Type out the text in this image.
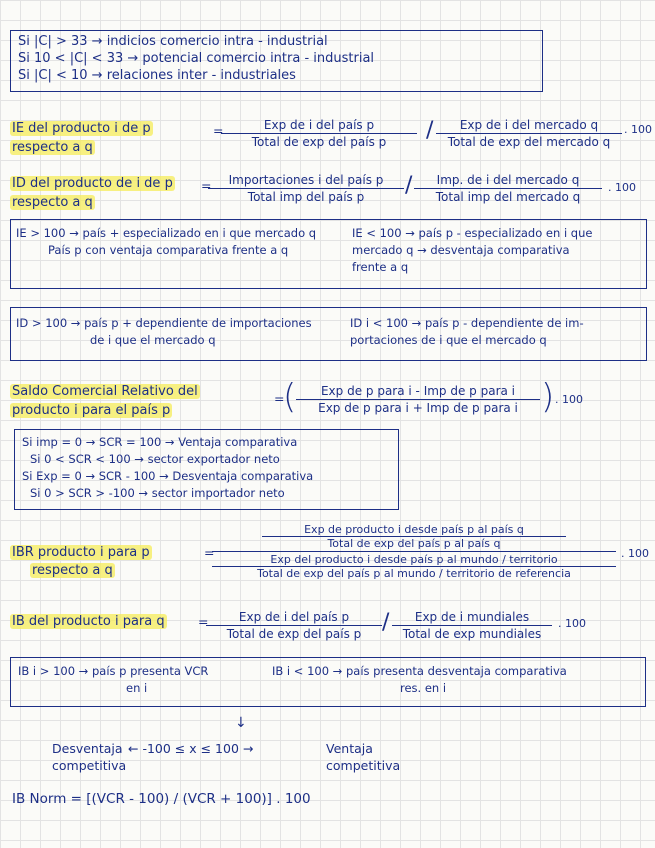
Si |C| > 33 → indicios comercio intra - industrial
Si 10 < |C| < 33 → potencial comercio intra - industrial
Si |C| < 10 → relaciones inter - industriales
IE del producto i de p
respecto a q
=	Exp de i del país p
Total de exp del país p	/	Exp de i del mercado q
Total de exp del mercado q
. 100
ID del producto de i de p
respecto a q
=	Importaciones i del país p
Total imp del país p	/	Imp. de i del mercado q
Total imp del mercado q
. 100
IE > 100 → país + especializado en i que mercado q
País p con ventaja comparativa frente a q
IE < 100 → país p - especializado en i que
mercado q → desventaja comparativa
frente a q
ID > 100 → país p + dependiente de importaciones
de i que el mercado q
ID i < 100 → país p - dependiente de im-
portaciones de i que el mercado q
Saldo Comercial Relativo del
producto i para el país p
=
(	Exp de p para i - Imp de p para i
Exp de p para i + Imp de p para i ) . 100
Si imp = 0 → SCR = 100 → Ventaja comparativa
Si 0 < SCR < 100 → sector exportador neto
Si Exp = 0 → SCR - 100 → Desventaja comparativa
Si 0 > SCR > -100 → sector importador neto
IBR producto i para p
respecto a q
=
Exp de producto i desde país p al país q
Total de exp del país p al país q
Exp del producto i desde país p al mundo / territorio
Total de exp del país p al mundo / territorio de referencia
. 100
IB del producto i para q	=	Exp de i del país p
Total de exp del país p /	Exp de i mundiales
Total de exp mundiales
. 100
IB i > 100 → país p presenta VCR
en i
IB i < 100 → país presenta desventaja comparativa
res. en i
↓
Desventaja
competitiva
← -100 ≤ x ≤ 100 →	Ventaja
competitiva
IB Norm = [(VCR - 100) / (VCR + 100)] . 100
